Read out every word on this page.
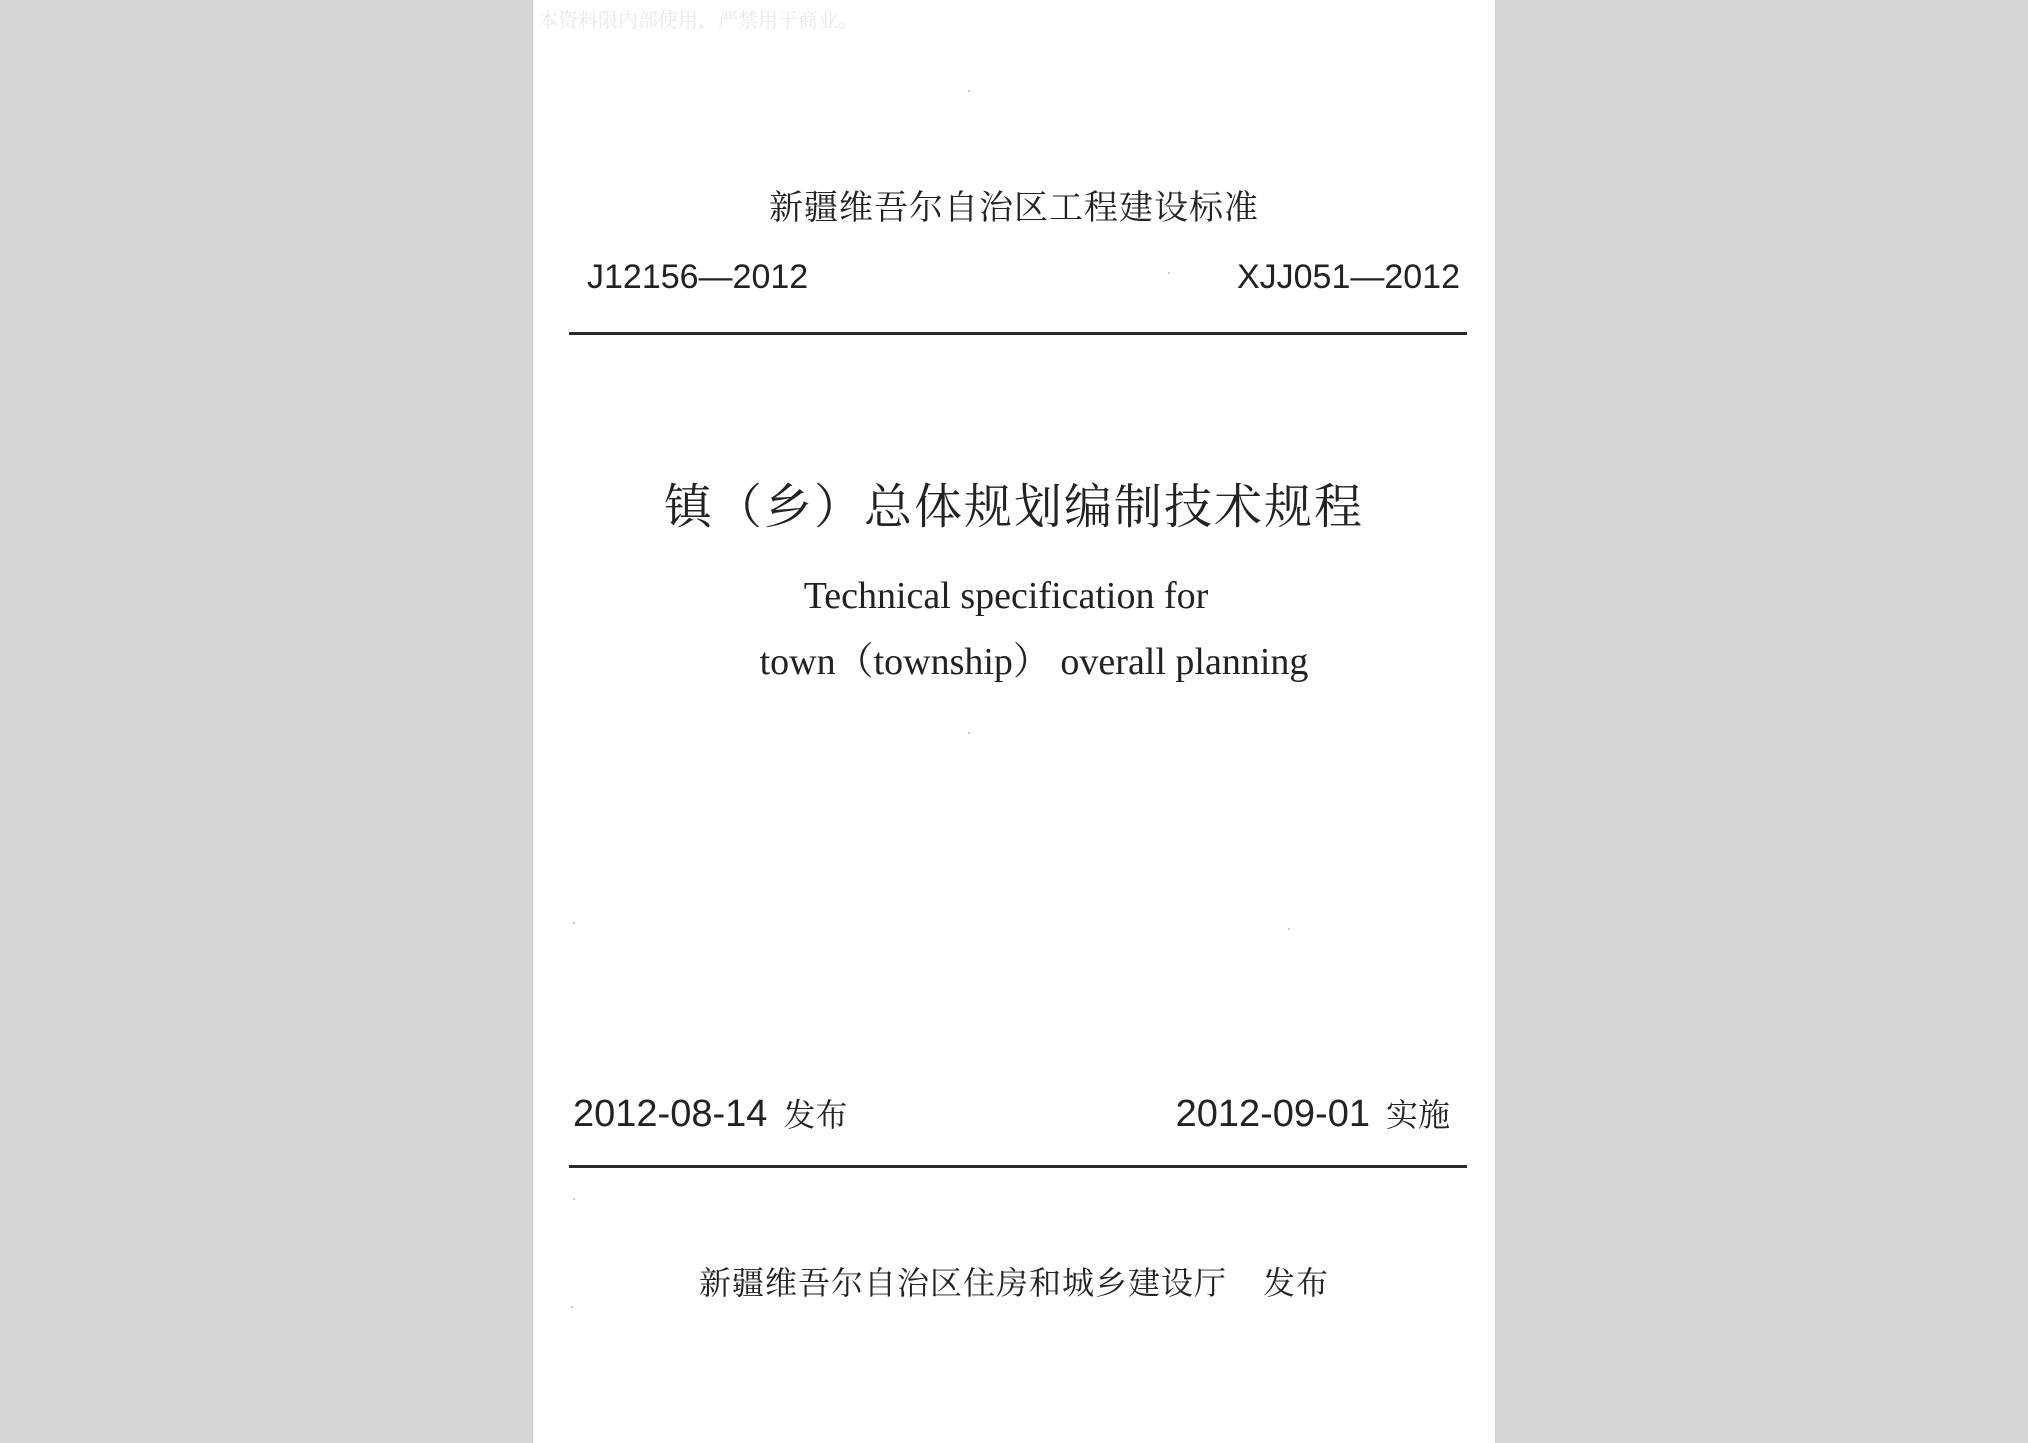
新疆维吾尔自治区工程建设标准
J12156—2012	XJJ051—2012
镇（乡）总体规划编制技术规程
Technical specification for
town（township） overall planning
2012-08-14 发布	2012-09-01 实施
新疆维吾尔自治区住房和城乡建设厅 发布
本资料限内部使用，严禁用于商业。
